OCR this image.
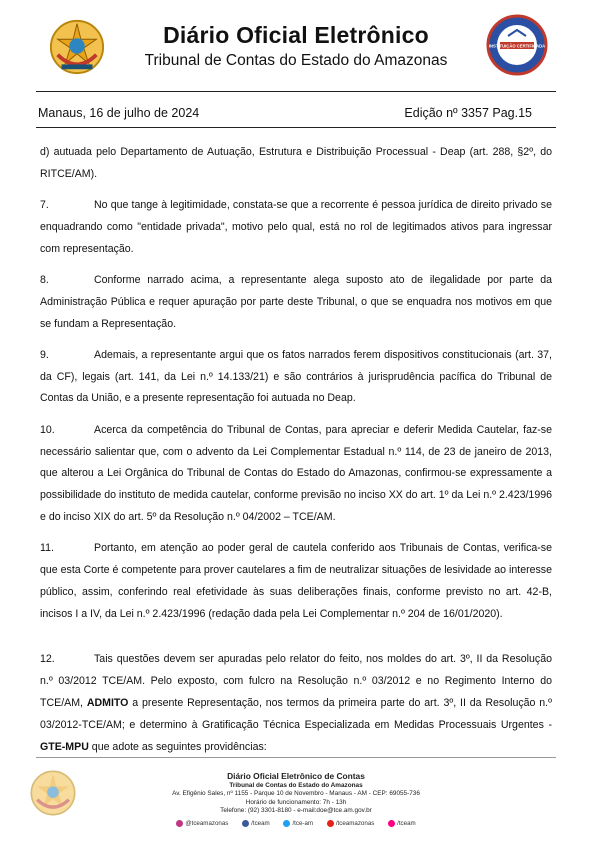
Diário Oficial Eletrônico
Tribunal de Contas do Estado do Amazonas
INSTITUIÇÃO CERTIFICADA
Manaus, 16 de julho de 2024	Edição nº 3357 Pag.15

d) autuada pelo Departamento de Autuação, Estrutura e Distribuição Processual - Deap (art. 288, §2º, do RITCE/AM).

7.	No que tange à legitimidade, constata-se que a recorrente é pessoa jurídica de direito privado se enquadrando como "entidade privada", motivo pelo qual, está no rol de legitimados ativos para ingressar com representação.

8.	Conforme narrado acima, a representante alega suposto ato de ilegalidade por parte da Administração Pública e requer apuração por parte deste Tribunal, o que se enquadra nos motivos em que se fundam a Representação.

9.	Ademais, a representante argui que os fatos narrados ferem dispositivos constitucionais (art. 37, da CF), legais (art. 141, da Lei n.º 14.133/21) e são contrários à jurisprudência pacífica do Tribunal de Contas da União, e a presente representação foi autuada no Deap.

10.	Acerca da competência do Tribunal de Contas, para apreciar e deferir Medida Cautelar, faz-se necessário salientar que, com o advento da Lei Complementar Estadual n.º 114, de 23 de janeiro de 2013, que alterou a Lei Orgânica do Tribunal de Contas do Estado do Amazonas, confirmou-se expressamente a possibilidade do instituto de medida cautelar, conforme previsão no inciso XX do art. 1º da Lei n.º 2.423/1996 e do inciso XIX do art. 5º da Resolução n.º 04/2002 – TCE/AM.

11.	Portanto, em atenção ao poder geral de cautela conferido aos Tribunais de Contas, verifica-se que esta Corte é competente para prover cautelares a fim de neutralizar situações de lesividade ao interesse público, assim, conferindo real efetividade às suas deliberações finais, conforme previsto no art. 42-B, incisos I a IV, da Lei n.º 2.423/1996 (redação dada pela Lei Complementar n.º 204 de 16/01/2020).

12.	Tais questões devem ser apuradas pelo relator do feito, nos moldes do art. 3º, II da Resolução n.º 03/2012 TCE/AM. Pelo exposto, com fulcro na Resolução n.º 03/2012 e no Regimento Interno do TCE/AM, ADMITO a presente Representação, nos termos da primeira parte do art. 3º, II da Resolução n.º 03/2012-TCE/AM; e determino à Gratificação Técnica Especializada em Medidas Processuais Urgentes - GTE-MPU que adote as seguintes providências:

Diário Oficial Eletrônico de Contas
Tribunal de Contas do Estado do Amazonas
Av. Efigênio Sales, nº 1155 - Parque 10 de Novembro - Manaus - AM - CEP: 69055-736
Horário de funcionamento: 7h - 13h
Telefone: (92) 3301-8180 - e-mail:doe@tce.am.gov.br
@tceamazonas	/tceam	/tce-am	/tceamazonas	/tceam
